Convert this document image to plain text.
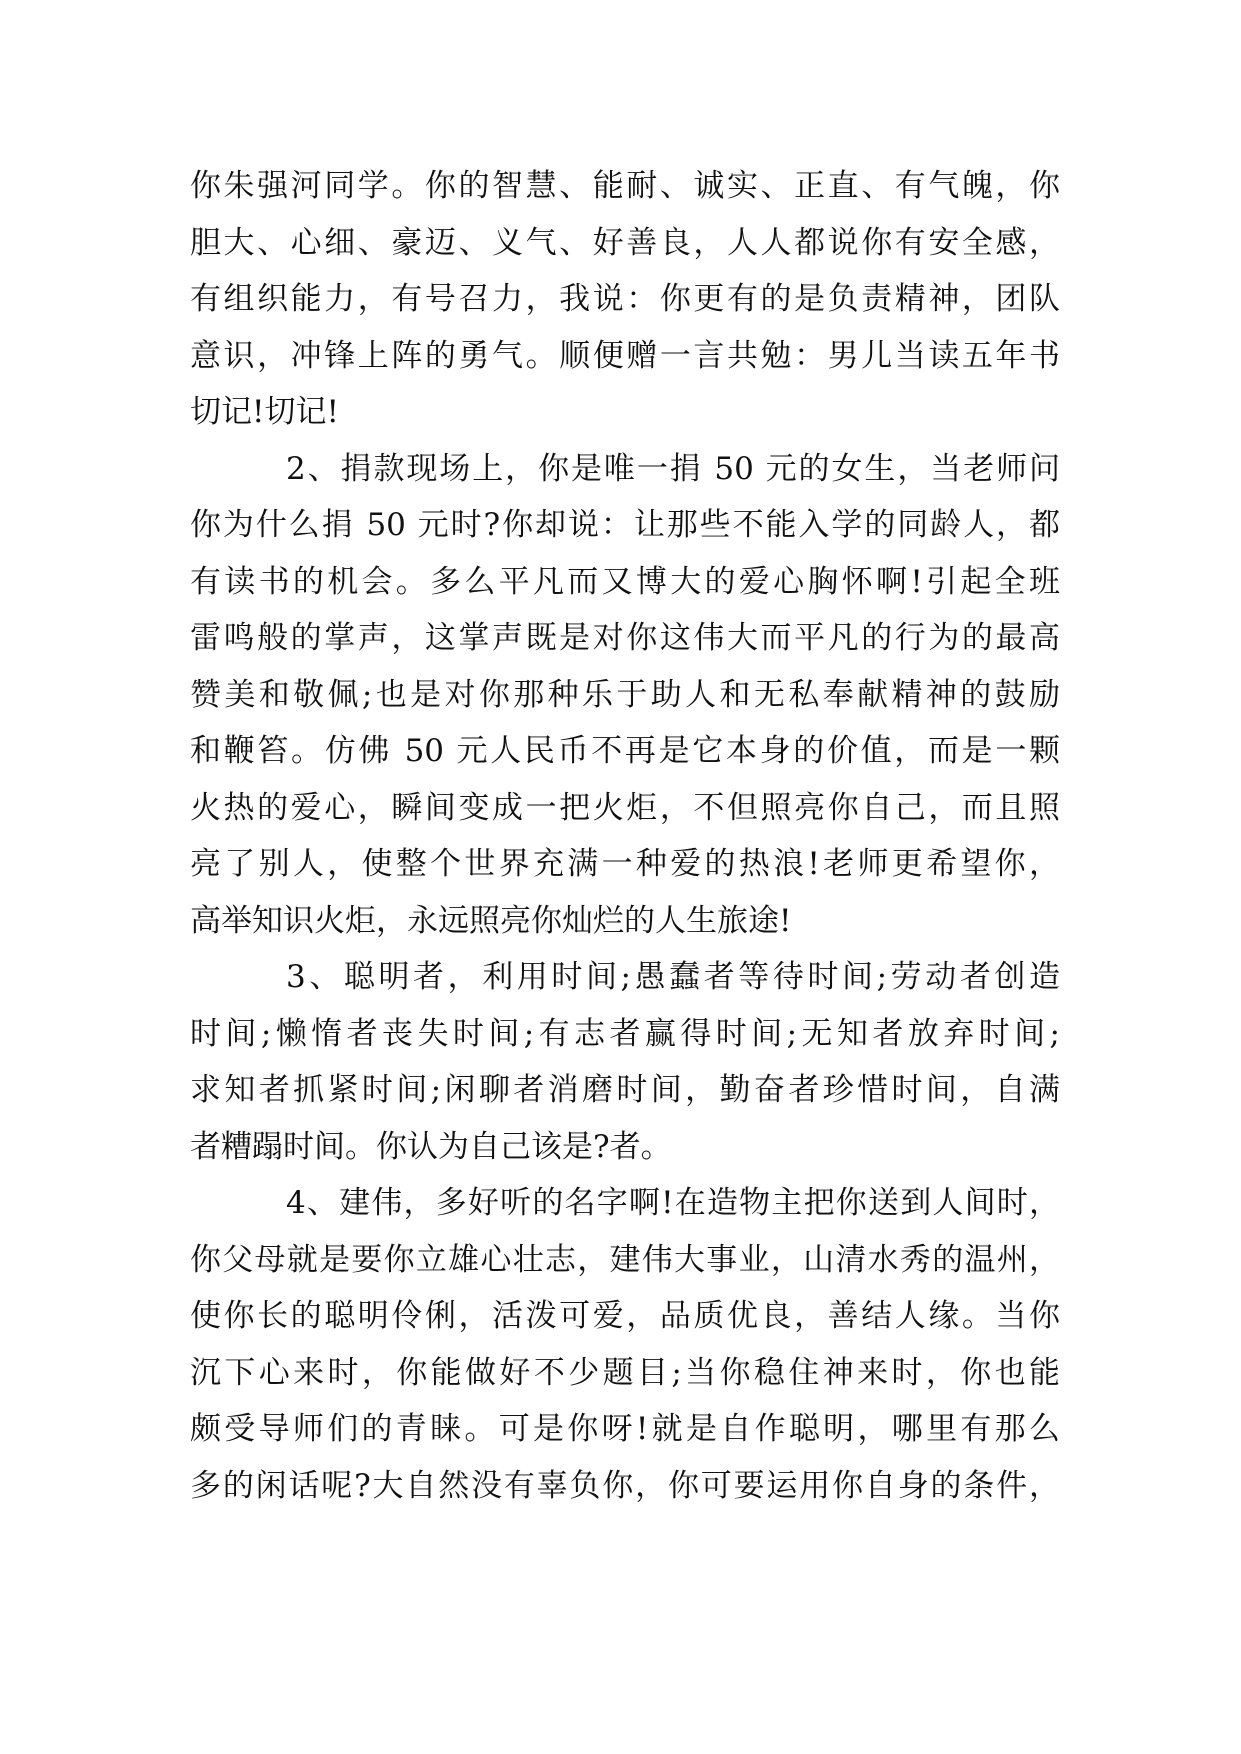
你朱强河同学。你的智慧、能耐、诚实、正直、有气魄，你
胆大、心细、豪迈、义气、好善良，人人都说你有安全感，
有组织能力，有号召力，我说：你更有的是负责精神，团队
意识，冲锋上阵的勇气。顺便赠一言共勉：男儿当读五年书
切记!切记!
2、捐款现场上，你是唯一捐 50 元的女生，当老师问
你为什么捐 50 元时?你却说：让那些不能入学的同龄人，都
有读书的机会。多么平凡而又博大的爱心胸怀啊!引起全班
雷鸣般的掌声，这掌声既是对你这伟大而平凡的行为的最高
赞美和敬佩;也是对你那种乐于助人和无私奉献精神的鼓励
和鞭笞。仿佛 50 元人民币不再是它本身的价值，而是一颗
火热的爱心，瞬间变成一把火炬，不但照亮你自己，而且照
亮了别人，使整个世界充满一种爱的热浪!老师更希望你，
高举知识火炬，永远照亮你灿烂的人生旅途!
3、聪明者，利用时间;愚蠢者等待时间;劳动者创造
时间;懒惰者丧失时间;有志者赢得时间;无知者放弃时间;
求知者抓紧时间;闲聊者消磨时间，勤奋者珍惜时间，自满
者糟蹋时间。你认为自己该是?者。
4、建伟，多好听的名字啊!在造物主把你送到人间时，
你父母就是要你立雄心壮志，建伟大事业，山清水秀的温州，
使你长的聪明伶俐，活泼可爱，品质优良，善结人缘。当你
沉下心来时，你能做好不少题目;当你稳住神来时，你也能
颇受导师们的青睐。可是你呀!就是自作聪明，哪里有那么
多的闲话呢?大自然没有辜负你，你可要运用你自身的条件，
